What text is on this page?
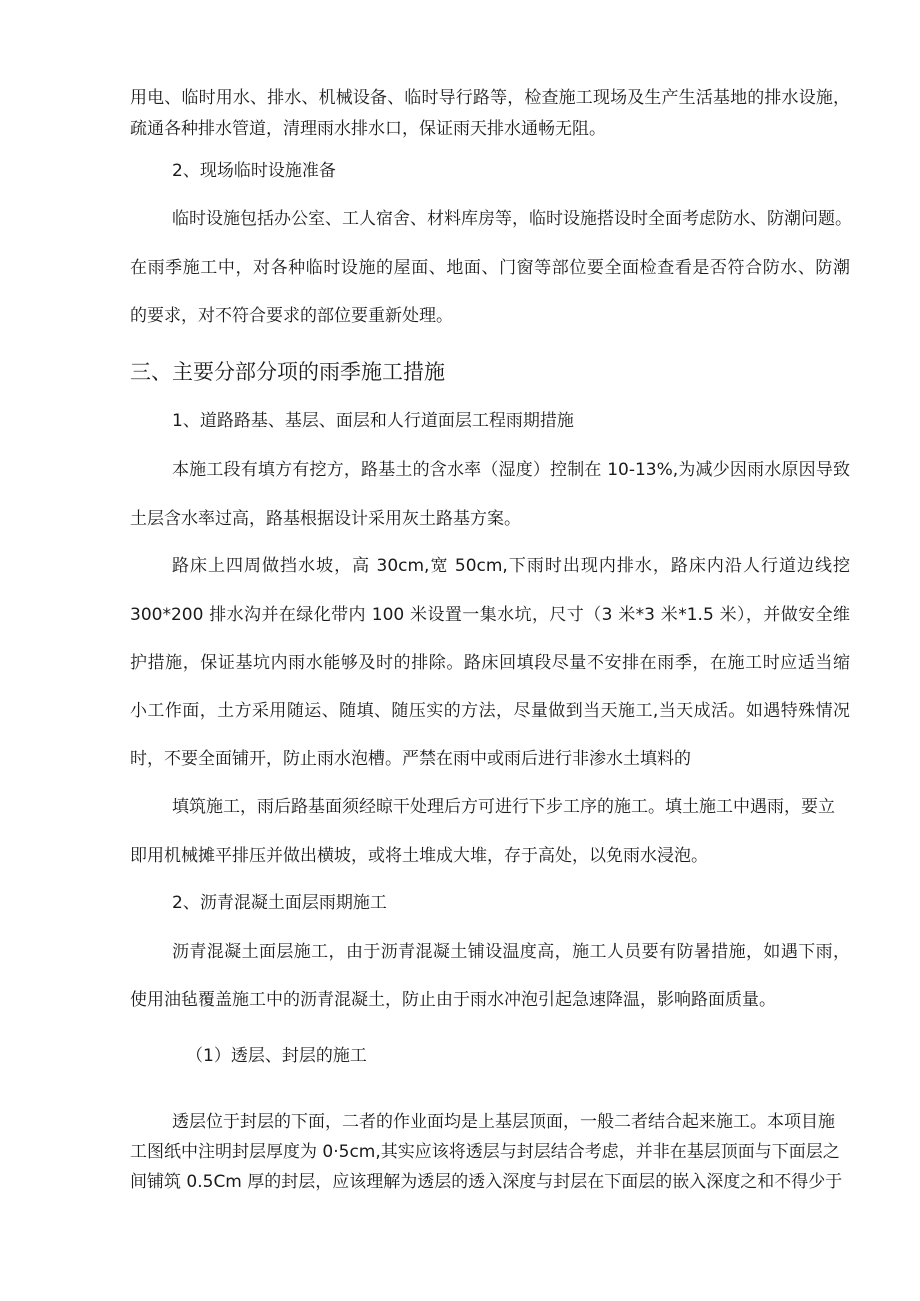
用电、临时用水、排水、机械设备、临时导行路等，检查施工现场及生产生活基地的排水设施，
疏通各种排水管道，清理雨水排水口，保证雨天排水通畅无阻。
2、现场临时设施准备
临时设施包括办公室、工人宿舍、材料库房等，临时设施搭设时全面考虑防水、防潮问题。
在雨季施工中，对各种临时设施的屋面、地面、门窗等部位要全面检查看是否符合防水、防潮
的要求，对不符合要求的部位要重新处理。
三、主要分部分项的雨季施工措施
1、道路路基、基层、面层和人行道面层工程雨期措施
本施工段有填方有挖方，路基土的含水率（湿度）控制在 10-13%,为减少因雨水原因导致
土层含水率过高，路基根据设计采用灰土路基方案。
路床上四周做挡水坡，高 30cm,宽 50cm,下雨时出现内排水，路床内沿人行道边线挖
300*200 排水沟并在绿化带内 100 米设置一集水坑，尺寸（3 米*3 米*1.5 米），并做安全维
护措施，保证基坑内雨水能够及时的排除。路床回填段尽量不安排在雨季，在施工时应适当缩
小工作面，土方采用随运、随填、随压实的方法，尽量做到当天施工,当天成活。如遇特殊情况
时，不要全面铺开，防止雨水泡槽。严禁在雨中或雨后进行非渗水土填料的
填筑施工，雨后路基面须经晾干处理后方可进行下步工序的施工。填土施工中遇雨，要立
即用机械摊平排压并做出横坡，或将土堆成大堆，存于高处，以免雨水浸泡。
2、沥青混凝土面层雨期施工
沥青混凝土面层施工，由于沥青混凝土铺设温度高，施工人员要有防暑措施，如遇下雨，
使用油毡覆盖施工中的沥青混凝土，防止由于雨水冲泡引起急速降温，影响路面质量。
（1）透层、封层的施工
透层位于封层的下面，二者的作业面均是上基层顶面，一般二者结合起来施工。本项目施
工图纸中注明封层厚度为 0·5cm,其实应该将透层与封层结合考虑，并非在基层顶面与下面层之
间铺筑 0.5Cm 厚的封层，应该理解为透层的透入深度与封层在下面层的嵌入深度之和不得少于
